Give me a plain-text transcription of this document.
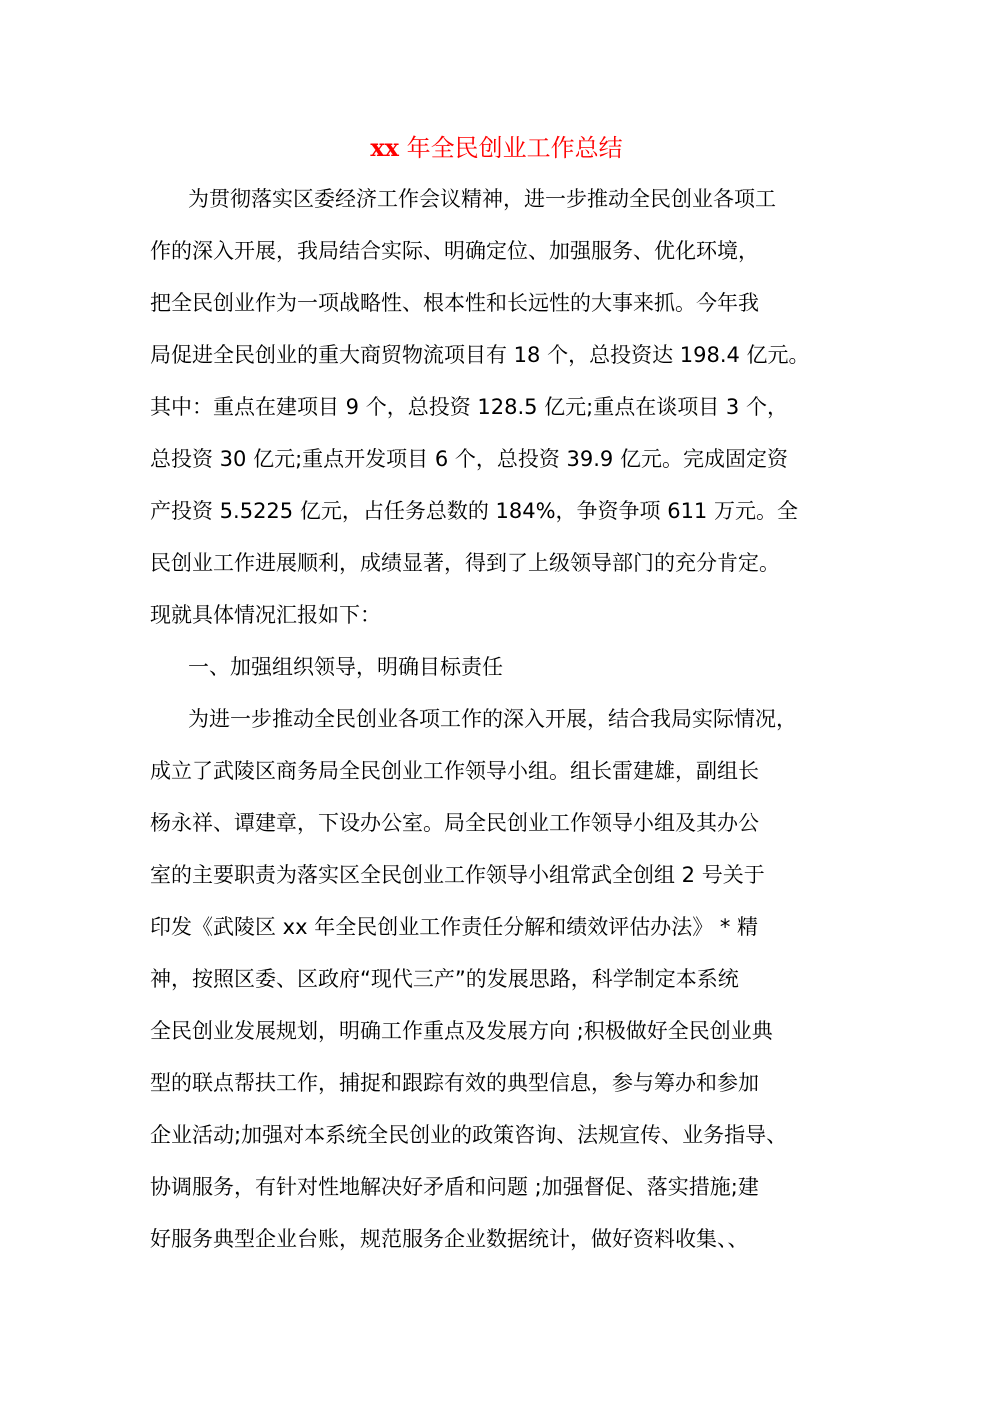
xx 年全民创业工作总结
为贯彻落实区委经济工作会议精神，进一步推动全民创业各项工
作的深入开展，我局结合实际、明确定位、加强服务、优化环境，
把全民创业作为一项战略性、根本性和长远性的大事来抓。今年我
局促进全民创业的重大商贸物流项目有 18 个，总投资达 198.4 亿元。
其中：重点在建项目 9 个，总投资 128.5 亿元;重点在谈项目 3 个，
总投资 30 亿元;重点开发项目 6 个，总投资 39.9 亿元。完成固定资
产投资 5.5225 亿元，占任务总数的 184%，争资争项 611 万元。全
民创业工作进展顺利，成绩显著，得到了上级领导部门的充分肯定。
现就具体情况汇报如下：
一、加强组织领导，明确目标责任
为进一步推动全民创业各项工作的深入开展，结合我局实际情况，
成立了武陵区商务局全民创业工作领导小组。组长雷建雄，副组长
杨永祥、谭建章，下设办公室。局全民创业工作领导小组及其办公
室的主要职责为落实区全民创业工作领导小组常武全创组 2 号关于
印发《武陵区 xx 年全民创业工作责任分解和绩效评估办法》 * 精
神，按照区委、区政府“现代三产”的发展思路，科学制定本系统
全民创业发展规划，明确工作重点及发展方向 ;积极做好全民创业典
型的联点帮扶工作，捕捉和跟踪有效的典型信息，参与筹办和参加
企业活动;加强对本系统全民创业的政策咨询、法规宣传、业务指导、
协调服务，有针对性地解决好矛盾和问题 ;加强督促、落实措施;建
好服务典型企业台账，规范服务企业数据统计，做好资料收集、、
